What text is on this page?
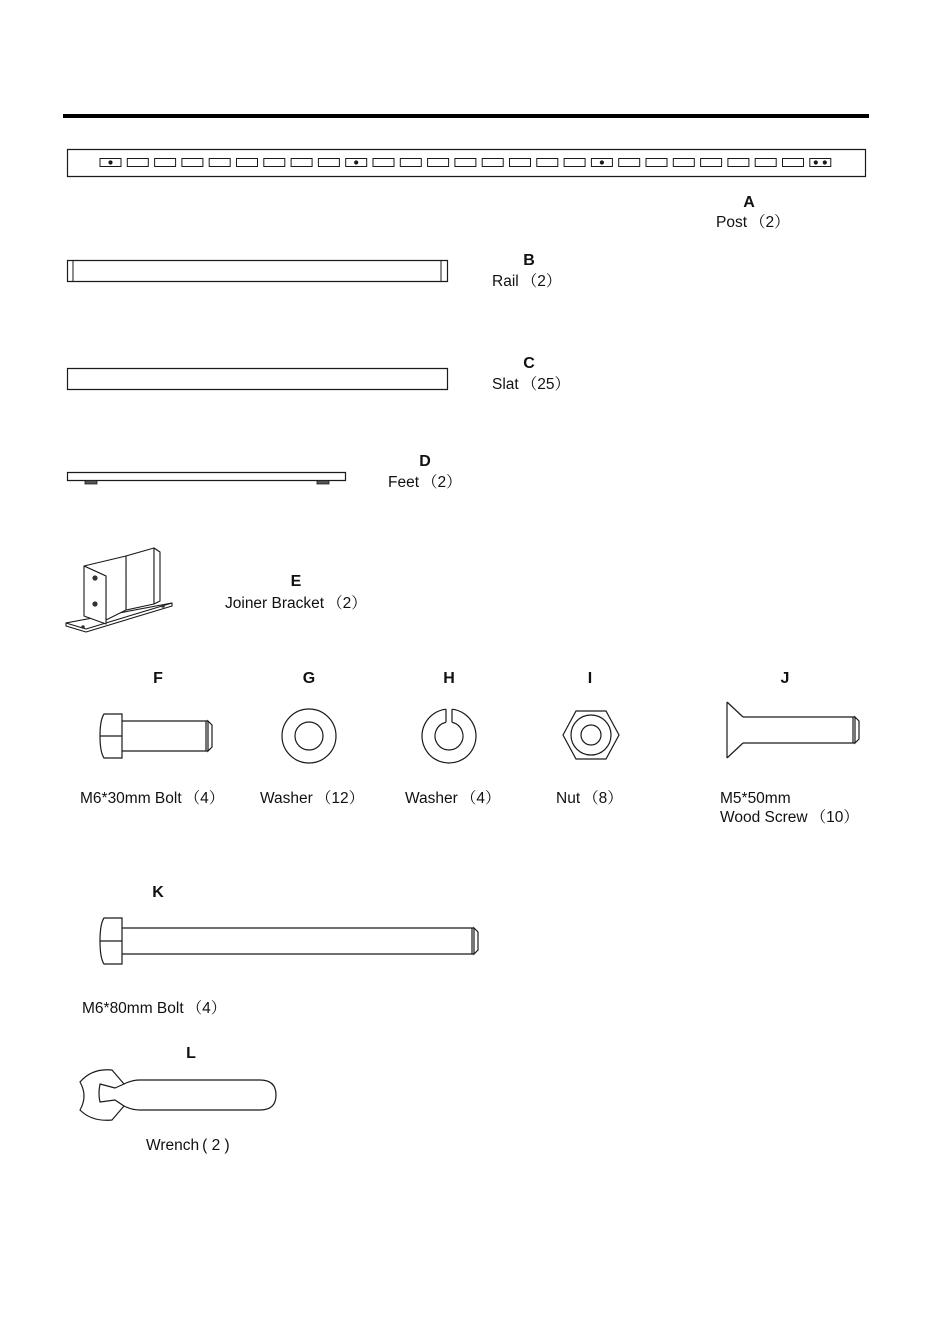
A
Post （2）
B
Rail （2）
C
Slat （25）
D
Feet （2）
E
Joiner Bracket （2）
F
M6*30mm Bolt （4）
G
Washer （12）
H
Washer （4）
I
Nut （8）
J
M5*50mm
Wood Screw （10）
K
M6*80mm Bolt （4）
L
Wrench ( 2 )
